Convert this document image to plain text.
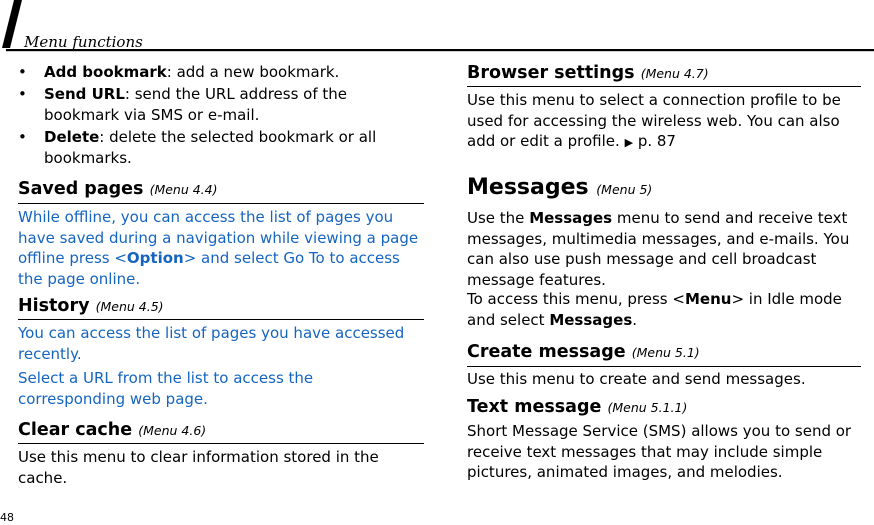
Menu functions
• Add bookmark: add a new bookmark.
• Send URL: send the URL address of the bookmark via SMS or e-mail.
• Delete: delete the selected bookmark or all bookmarks.
Saved pages (Menu 4.4)

While offline, you can access the list of pages you have saved during a navigation while viewing a page offline press <Option> and select Go To to access the page online.

History (Menu 4.5)

You can access the list of pages you have accessed recently.

Select a URL from the list to access the corresponding web page.

Clear cache (Menu 4.6)

Use this menu to clear information stored in the cache.

Browser settings (Menu 4.7)

Use this menu to select a connection profile to be used for accessing the wireless web. You can also add or edit a profile. ▶ p. 87

Messages (Menu 5)

Use the Messages menu to send and receive text messages, multimedia messages, and e-mails. You can also use push message and cell broadcast message features.

To access this menu, press <Menu> in Idle mode and select Messages.

Create message (Menu 5.1)

Use this menu to create and send messages.

Text message (Menu 5.1.1)

Short Message Service (SMS) allows you to send or receive text messages that may include simple pictures, animated images, and melodies.

48
